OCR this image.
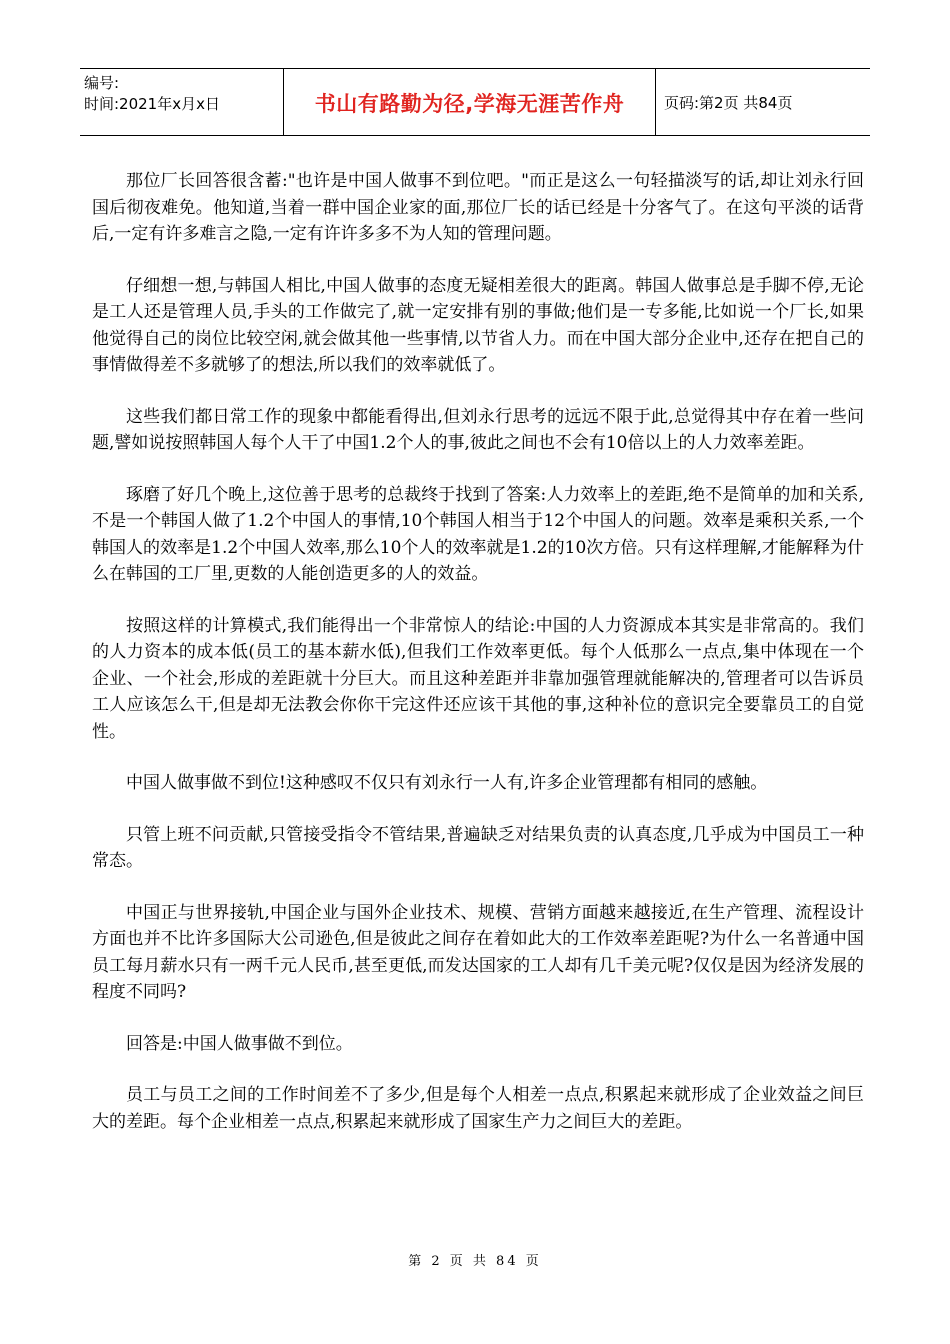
编号:
时间:2021年x月x日	书山有路勤为径,学海无涯苦作舟	页码:第2页 共84页

那位厂长回答很含蓄:"也许是中国人做事不到位吧。"而正是这么一句轻描淡写的话,却让刘永行回国后彻夜难免。他知道,当着一群中国企业家的面,那位厂长的话已经是十分客气了。在这句平淡的话背后,一定有许多难言之隐,一定有许许多多不为人知的管理问题。

仔细想一想,与韩国人相比,中国人做事的态度无疑相差很大的距离。韩国人做事总是手脚不停,无论是工人还是管理人员,手头的工作做完了,就一定安排有别的事做;他们是一专多能,比如说一个厂长,如果他觉得自己的岗位比较空闲,就会做其他一些事情,以节省人力。而在中国大部分企业中,还存在把自己的事情做得差不多就够了的想法,所以我们的效率就低了。

这些我们都日常工作的现象中都能看得出,但刘永行思考的远远不限于此,总觉得其中存在着一些问题,譬如说按照韩国人每个人干了中国1.2个人的事,彼此之间也不会有10倍以上的人力效率差距。

琢磨了好几个晚上,这位善于思考的总裁终于找到了答案:人力效率上的差距,绝不是简单的加和关系,不是一个韩国人做了1.2个中国人的事情,10个韩国人相当于12个中国人的问题。效率是乘积关系,一个韩国人的效率是1.2个中国人效率,那么10个人的效率就是1.2的10次方倍。只有这样理解,才能解释为什么在韩国的工厂里,更数的人能创造更多的人的效益。

按照这样的计算模式,我们能得出一个非常惊人的结论:中国的人力资源成本其实是非常高的。我们的人力资本的成本低(员工的基本薪水低),但我们工作效率更低。每个人低那么一点点,集中体现在一个企业、一个社会,形成的差距就十分巨大。而且这种差距并非靠加强管理就能解决的,管理者可以告诉员工人应该怎么干,但是却无法教会你你干完这件还应该干其他的事,这种补位的意识完全要靠员工的自觉性。

中国人做事做不到位!这种感叹不仅只有刘永行一人有,许多企业管理都有相同的感触。

只管上班不问贡献,只管接受指令不管结果,普遍缺乏对结果负责的认真态度,几乎成为中国员工一种常态。

中国正与世界接轨,中国企业与国外企业技术、规模、营销方面越来越接近,在生产管理、流程设计方面也并不比许多国际大公司逊色,但是彼此之间存在着如此大的工作效率差距呢?为什么一名普通中国员工每月薪水只有一两千元人民币,甚至更低,而发达国家的工人却有几千美元呢?仅仅是因为经济发展的程度不同吗?

回答是:中国人做事做不到位。

员工与员工之间的工作时间差不了多少,但是每个人相差一点点,积累起来就形成了企业效益之间巨大的差距。每个企业相差一点点,积累起来就形成了国家生产力之间巨大的差距。

第 2 页 共 84 页
